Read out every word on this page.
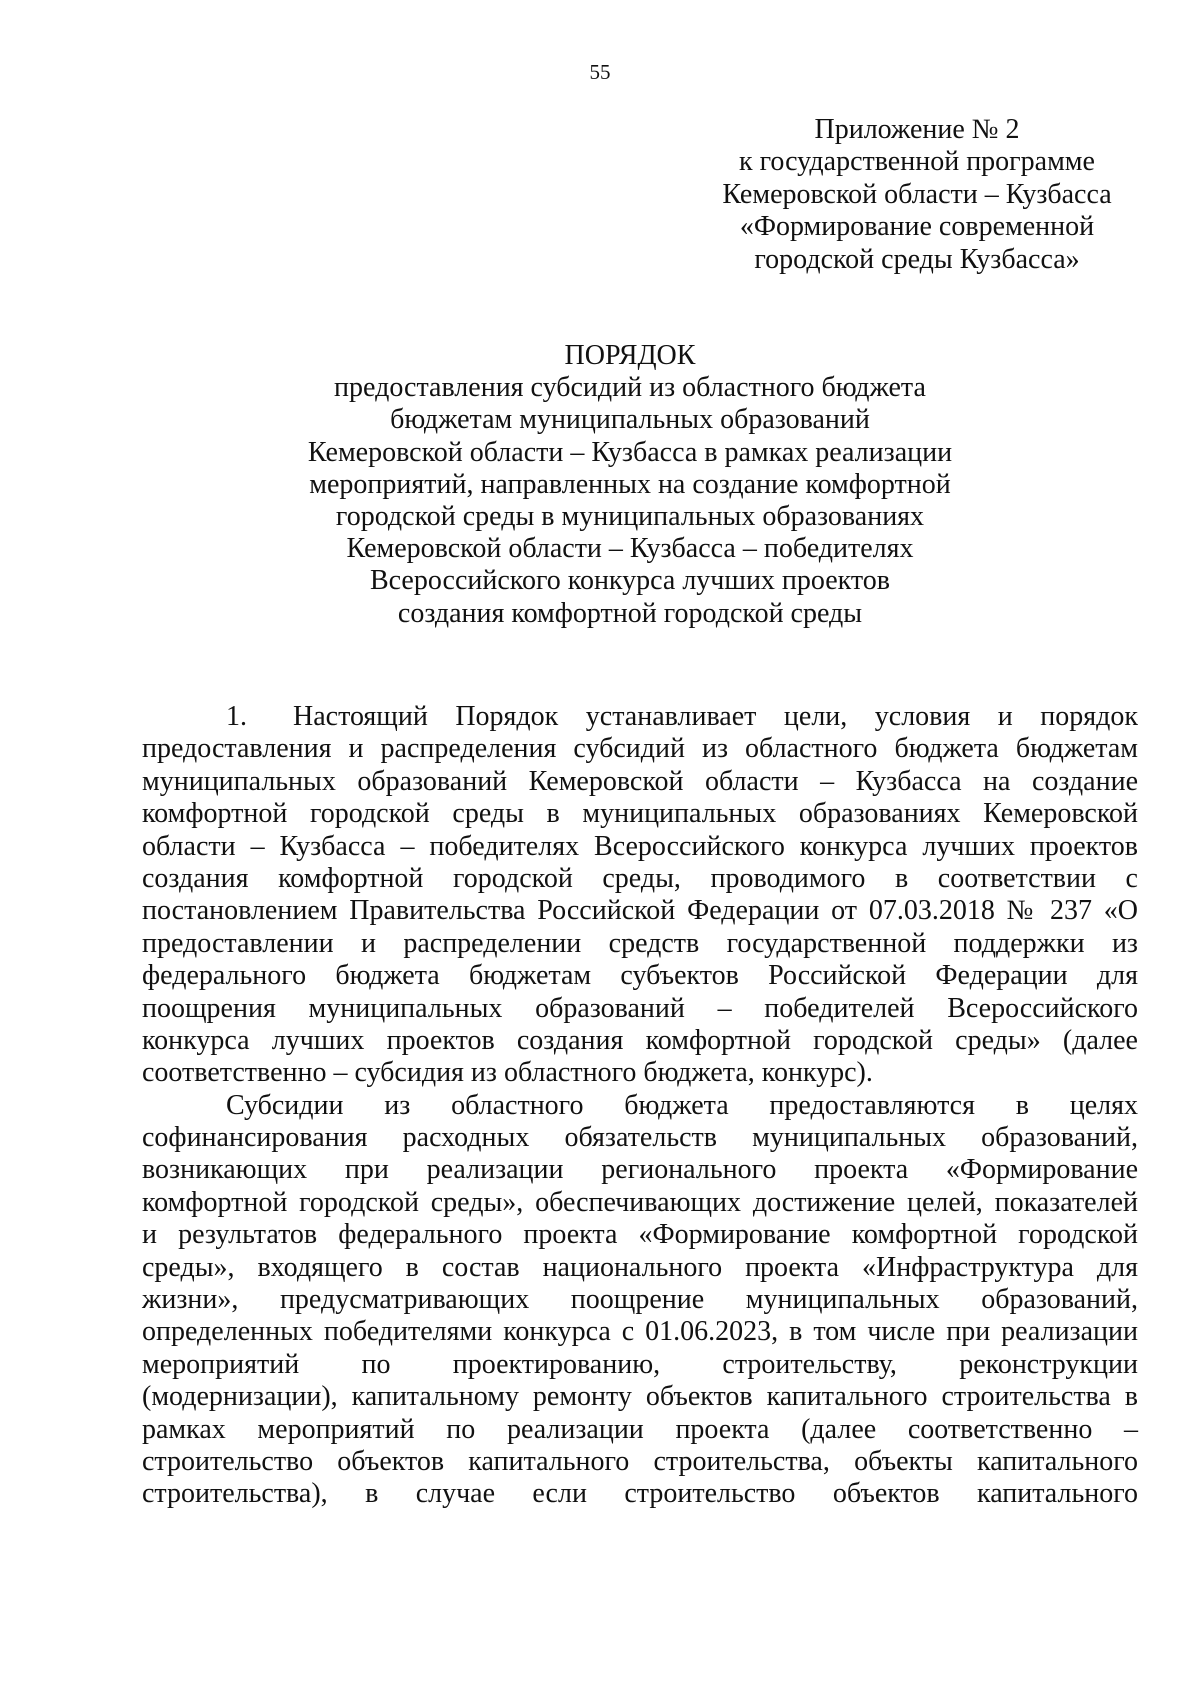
55
Приложение № 2
к государственной программе
Кемеровской области – Кузбасса
«Формирование современной
городской среды Кузбасса»
ПОРЯДОК
предоставления субсидий из областного бюджета
бюджетам муниципальных образований
Кемеровской области – Кузбасса в рамках реализации
мероприятий, направленных на создание комфортной
городской среды в муниципальных образованиях
Кемеровской области – Кузбасса – победителях
Всероссийского конкурса лучших проектов
создания комфортной городской среды
1. Настоящий Порядок устанавливает цели, условия и порядок
предоставления и распределения субсидий из областного бюджета бюджетам
муниципальных образований Кемеровской области – Кузбасса на создание
комфортной городской среды в муниципальных образованиях Кемеровской
области – Кузбасса – победителях Всероссийского конкурса лучших проектов
создания комфортной городской среды, проводимого в соответствии с
постановлением Правительства Российской Федерации от 07.03.2018 № 237 «О
предоставлении и распределении средств государственной поддержки из
федерального бюджета бюджетам субъектов Российской Федерации для
поощрения муниципальных образований – победителей Всероссийского
конкурса лучших проектов создания комфортной городской среды» (далее
соответственно – субсидия из областного бюджета, конкурс).
Субсидии из областного бюджета предоставляются в целях
софинансирования расходных обязательств муниципальных образований,
возникающих при реализации регионального проекта «Формирование
комфортной городской среды», обеспечивающих достижение целей, показателей
и результатов федерального проекта «Формирование комфортной городской
среды», входящего в состав национального проекта «Инфраструктура для
жизни», предусматривающих поощрение муниципальных образований,
определенных победителями конкурса с 01.06.2023, в том числе при реализации
мероприятий по проектированию, строительству, реконструкции
(модернизации), капитальному ремонту объектов капитального строительства в
рамках мероприятий по реализации проекта (далее соответственно –
строительство объектов капитального строительства, объекты капитального
строительства), в случае если строительство объектов капитального
